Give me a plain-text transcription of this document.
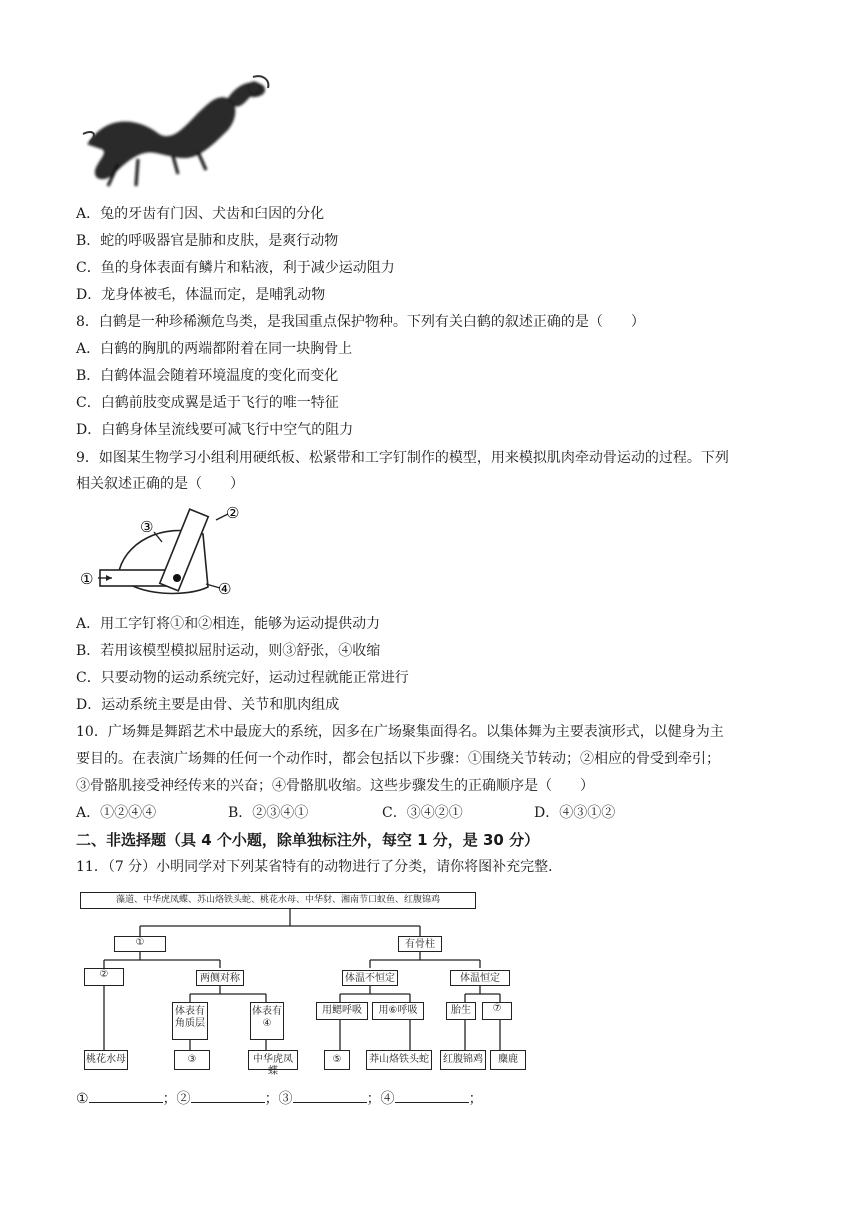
A．兔的牙齿有门因、犬齿和臼因的分化
B．蛇的呼吸器官是肺和皮肤，是爽行动物
C．鱼的身体表面有鳞片和粘液，利于减少运动阻力
D．龙身体被毛，体温而定，是哺乳动物
8．白鹤是一种珍稀濒危鸟类，是我国重点保护物种。下列有关白鹤的叙述正确的是（　　）
A．白鹤的胸肌的两端都附着在同一块胸骨上
B．白鹤体温会随着环境温度的变化而变化
C．白鹤前肢变成翼是适于飞行的唯一特征
D．白鹤身体呈流线要可减飞行中空气的阻力
9．如图某生物学习小组利用硬纸板、松紧带和工字钉制作的模型，用来模拟肌肉牵动骨运动的过程。下列
相关叙述正确的是（　　）
①
②
③
④
A．用工字钉将①和②相连，能够为运动提供动力
B．若用该模型模拟屈肘运动，则③舒张，④收缩
C．只要动物的运动系统完好，运动过程就能正常进行
D．运动系统主要是由骨、关节和肌肉组成
10．广场舞是舞蹈艺术中最庞大的系统，因多在广场聚集面得名。以集体舞为主要表演形式，以健身为主
要目的。在表演广场舞的任何一个动作时，都会包括以下步骤：①围绕关节转动；②相应的骨受到牵引；
③骨骼肌接受神经传来的兴奋；④骨骼肌收缩。这些步骤发生的正确顺序是（　　）
A．①②④④	B．②③④①	C．③④②①	D．④③①②
二、非选择题（具 4 个小题，除单独标注外，每空 1 分，是 30 分）
11．（7 分）小明同学对下列某省特有的动物进行了分类，请你将图补充完整．
藻道、中华虎凤蝶、苏山烙铁头蛇、桃花水母、中华豺、湘南节口蚁鱼、红腹锦鸡
①	有骨柱
②	两侧对称	体温不恒定	体温恒定
体表有角质层
体表有④
用鳃呼吸	用⑥呼吸	胎生	⑦
桃花水母	③	中华虎凤蝶
⑤	莽山烙铁头蛇	红腹锦鸡	麋鹿
①	；②	；③	；④	；
